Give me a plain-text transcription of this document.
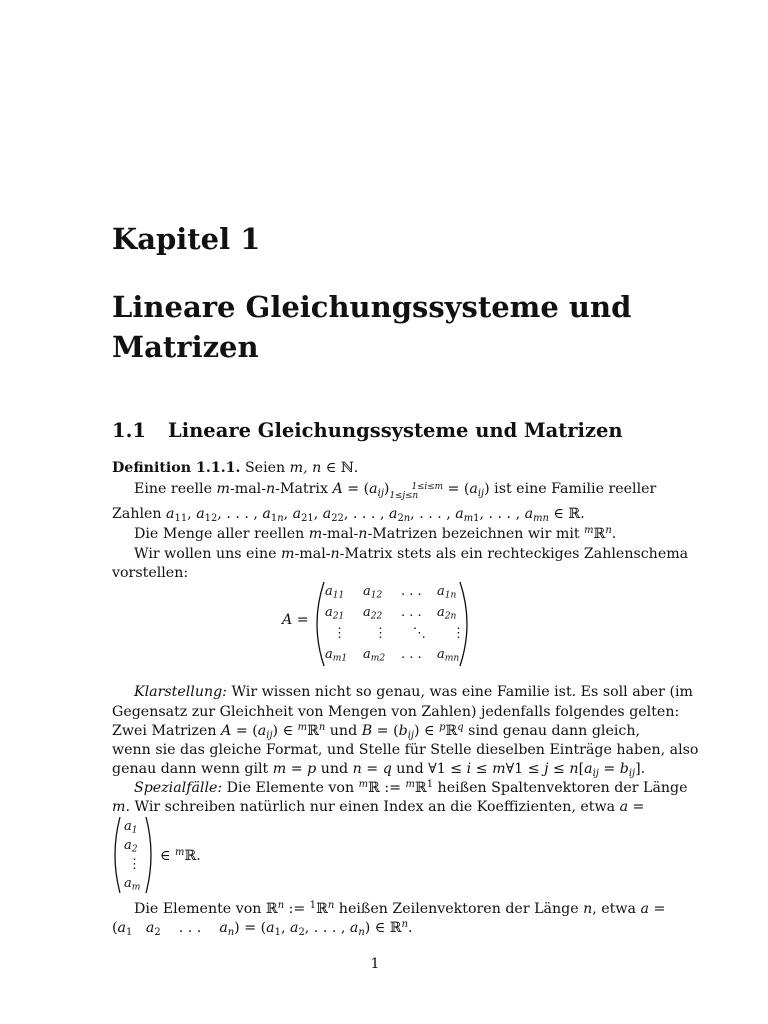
Kapitel 1
Lineare Gleichungssysteme und Matrizen
1.1 Lineare Gleichungssysteme und Matrizen
Definition 1.1.1. Seien m, n ∈ ℕ.
Eine reelle m-mal-n-Matrix $A = (a_{ij})$ 1≤i≤m
$1\le j\le n = (a_{ij})$ ist eine Familie reeller
Zahlen $a_{11}$, $a_{12}$, . . . , $a_{1n}$, $a_{21}$, $a_{22}$, . . . , $a_{2n}$, . . . , $a_{m1}$, . . . , $a_{mn}$ ∈ ℝ.
Die Menge aller reellen m-mal-n-Matrizen bezeichnen wir mit $^m$ℝ$^n$.
Wir wollen uns eine m-mal-n-Matrix stets als ein rechteckiges Zahlenschema
vorstellen:
A =
$a_{11}$	$a_{12}$	. . .	$a_{1n}$
$a_{21}$	$a_{22}$	. . .	$a_{2n}$
⋮	⋮	⋱	⋮
$a_{m1}$	$a_{m2}$	. . .	$a_{mn}$
Klarstellung: Wir wissen nicht so genau, was eine Familie ist. Es soll aber (im
Gegensatz zur Gleichheit von Mengen von Zahlen) jedenfalls folgendes gelten:
Zwei Matrizen $A = (a_{ij})$ ∈ $^m$ℝ$^n$ und $B = (b_{ij})$ ∈ $^p$ℝ$^q$ sind genau dann gleich,
wenn sie das gleiche Format, und Stelle für Stelle dieselben Einträge haben, also
genau dann wenn gilt m = p und n = q und ∀1 ≤ i ≤ m∀1 ≤ $j \le n[a_{ij} = b_{ij}]$.
Spezialfälle: Die Elemente von $^m$ℝ := $^m$ℝ$^1$ heißen Spaltenvektoren der Länge
m. Wir schreiben natürlich nur einen Index an die Koeffizienten, etwa a =
$a_1$
$a_2$
⋮
$a_m$
∈ $^m$ℝ.
Die Elemente von ℝ$^n$ := $^1$ℝ$^n$ heißen Zeilenvektoren der Länge n, etwa a =
($a_1$ $a_2$    . . .    $a_n) = (a_1$, $a_2$, . . . , $a_n$) ∈ ℝ$^n$.
1
